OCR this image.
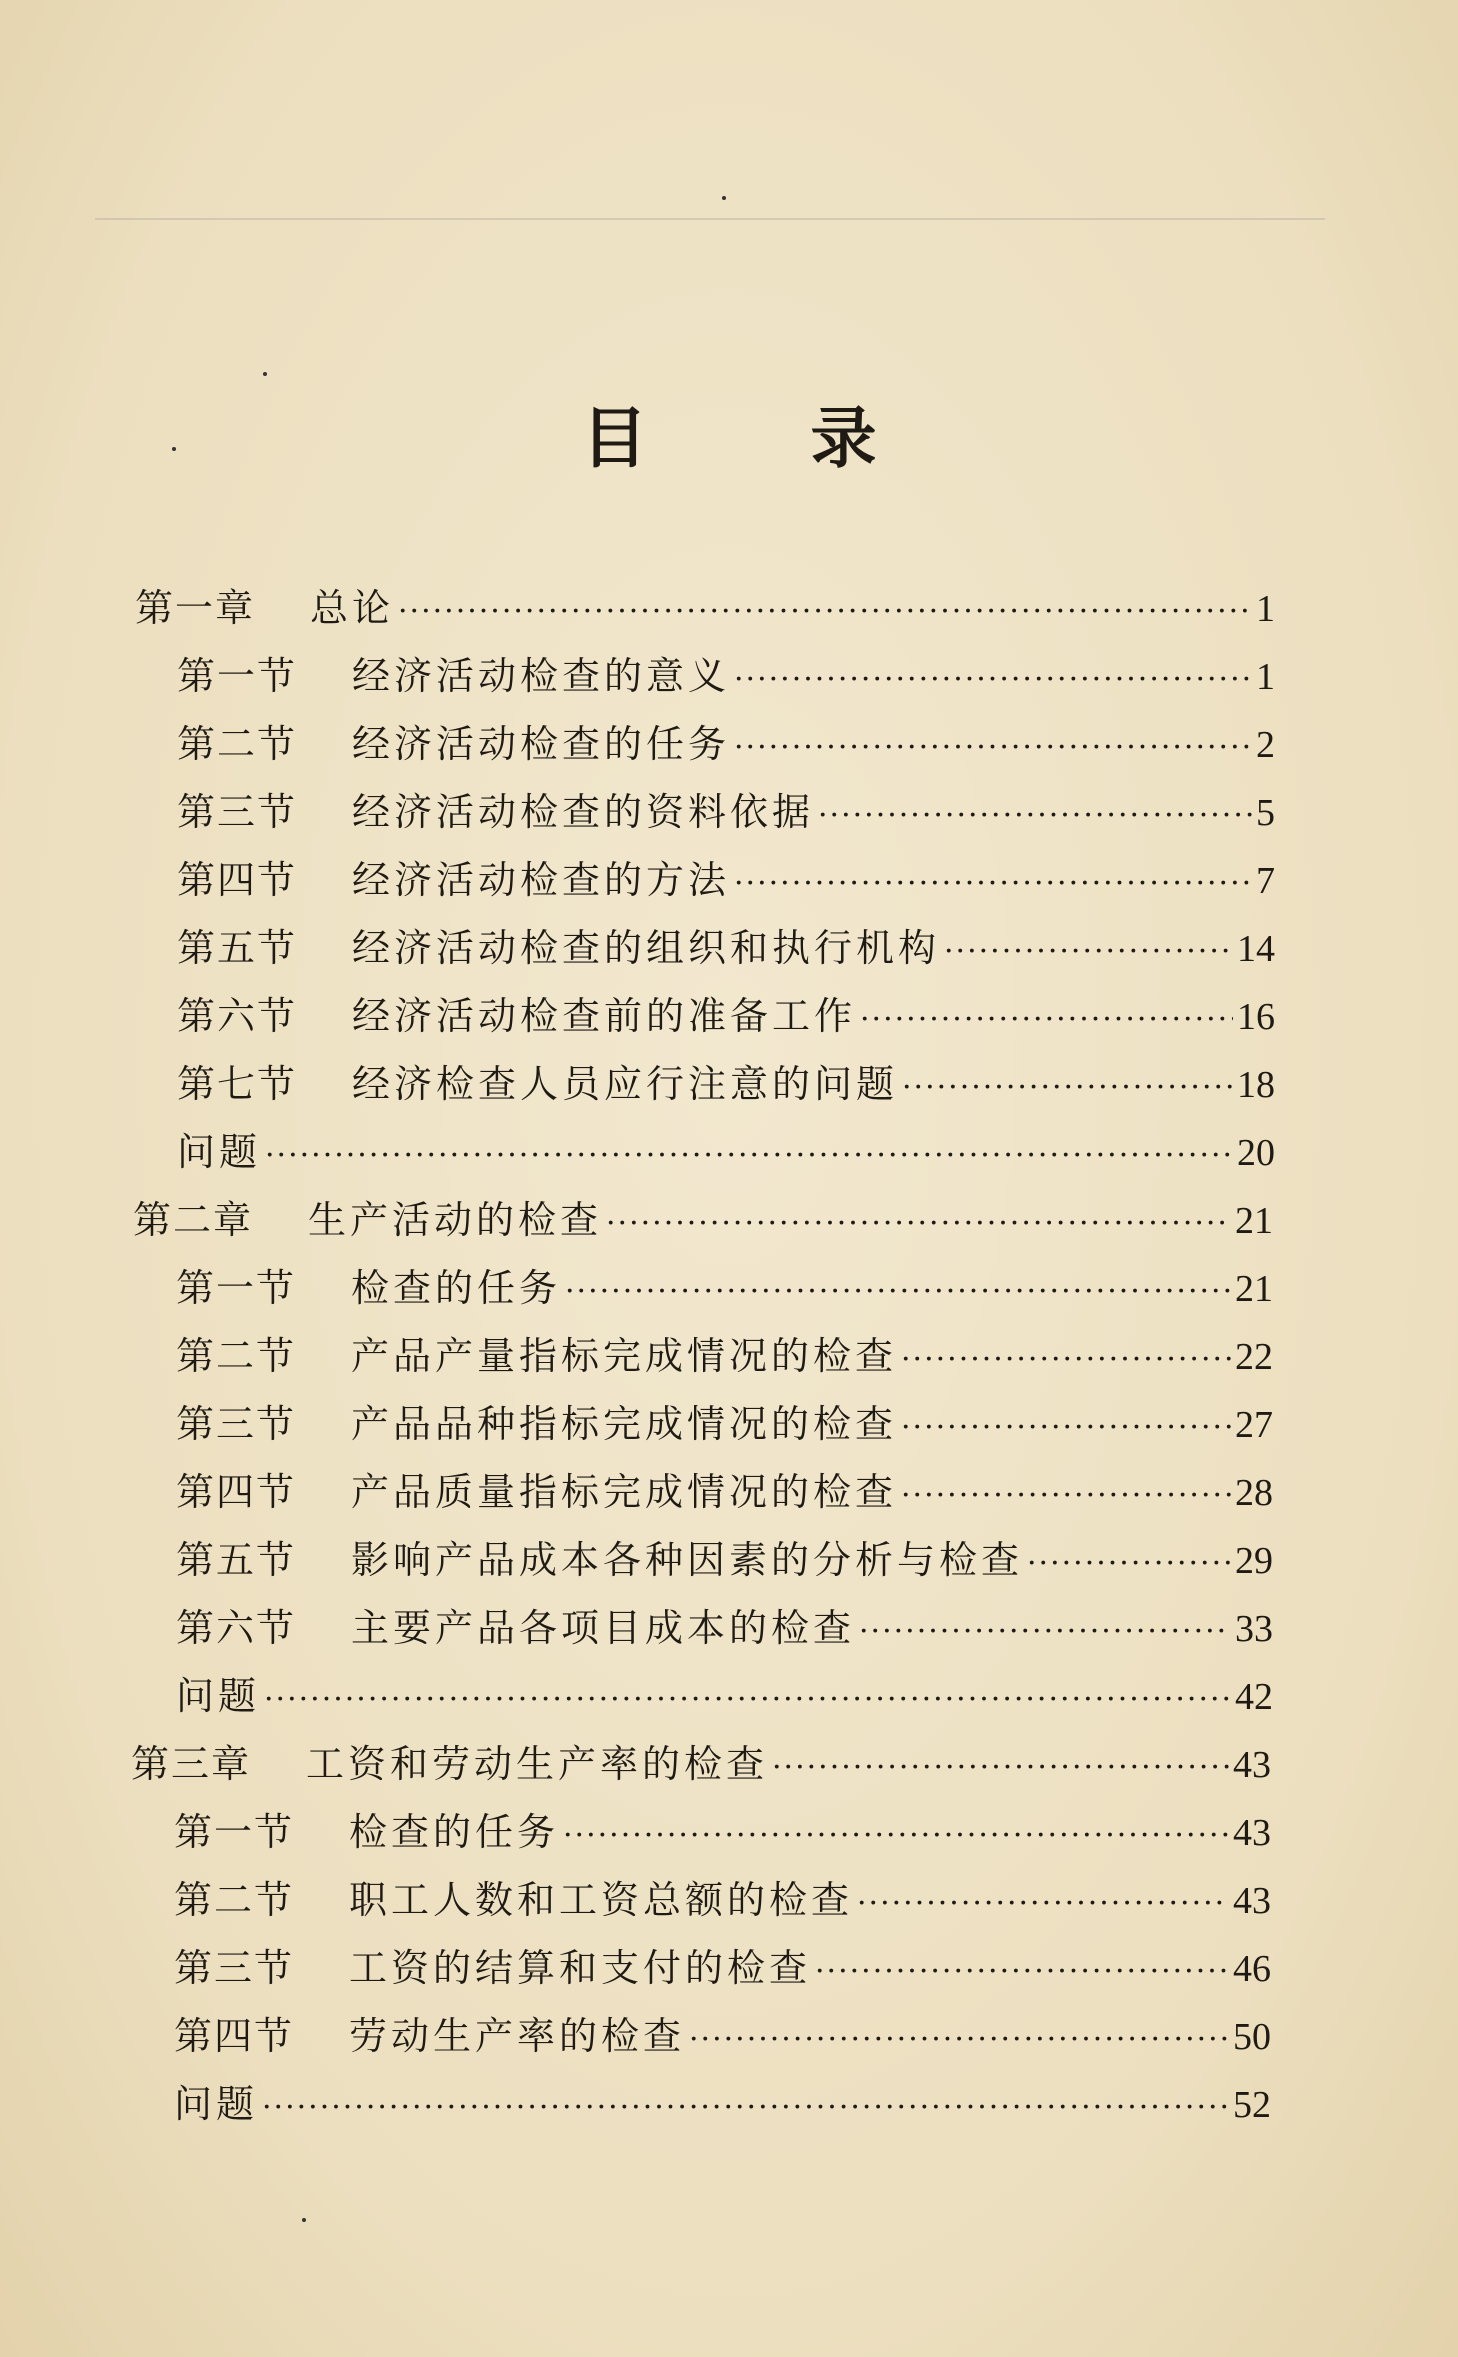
目 录
第一章	总论 ·····	1
第一节	经济活动检查的意义 ·····	1
第二节	经济活动检查的任务 ·····	2
第三节	经济活动检查的资料依据 ·····	5
第四节	经济活动检查的方法 ·····	7
第五节	经济活动检查的组织和执行机构 ·····	14
第六节	经济活动检查前的准备工作 ·····	16
第七节	经济检查人员应行注意的问题 ·····	18
问题 ·····	20
第二章	生产活动的检查 ·····	21
第一节	检查的任务 ·····	21
第二节	产品产量指标完成情况的检查 ·····	22
第三节	产品品种指标完成情况的检查 ·····	27
第四节	产品质量指标完成情况的检查 ·····	28
第五节	影响产品成本各种因素的分析与检查 ·····	29
第六节	主要产品各项目成本的检查 ·····	33
问题 ·····	42
第三章	工资和劳动生产率的检查 ·····	43
第一节	检查的任务 ·····	43
第二节	职工人数和工资总额的检查 ·····	43
第三节	工资的结算和支付的检查 ·····	46
第四节	劳动生产率的检查 ·····	50
问题 ·····	52
